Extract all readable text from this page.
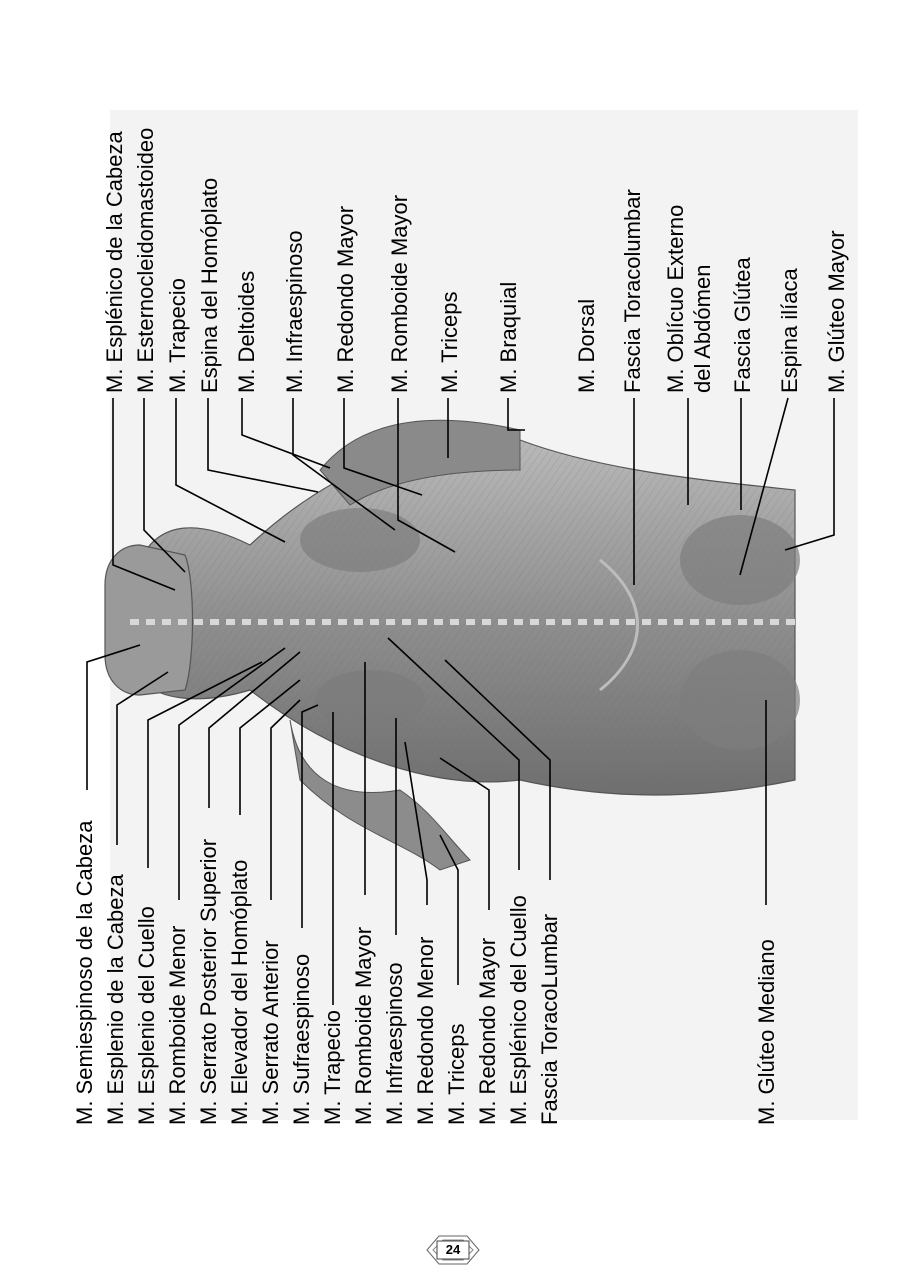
M. Esplénico de la Cabeza M. Esternocleidomastoideo M. Trapecio Espina del Homóplato M. Deltoides M. Infraespinoso M. Redondo Mayor M. Romboide Mayor M. Triceps M. Braquial M. Dorsal Fascia Toracolumbar M. Oblícuo Externo del Abdómen Fascia Glútea Espina ilíaca M. Glúteo Mayor
M. Semiespinoso de la Cabeza M. Esplenio de la Cabeza M. Esplenio del Cuello M. Romboide Menor M. Serrato Posterior Superior M. Elevador del Homóplato M. Serrato Anterior M. Sufraespinoso M. Trapecio M. Romboide Mayor M. Infraespinoso M. Redondo Menor M. Triceps M. Redondo Mayor M. Esplénico del Cuello Fascia ToracoLumbar	M. Glúteo Mediano
24
